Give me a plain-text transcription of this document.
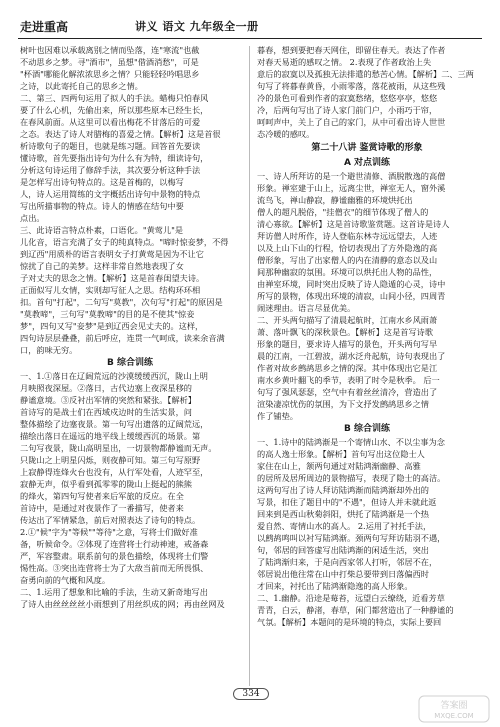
走进重高	讲义 语文 九年级全一册
树叶也因难以承载离别之情而坠落，连"寒流"也截
不动思乡之梦。寻"酒市"，虽想"借酒消愁"，可是
"杯酒"哪能化解浓浓思乡之情？只能轻轻吟唱思乡
之诗，以此寄托自己的思乡之情。
二、第三、四两句运用了拟人的手法。蜡梅只怕春风
要了什么心机，先偷出来，所以那些原本已经生长，
在春风前面。从这里可以看出梅花不甘落后的可爱
之态。表达了诗人对腊梅的喜爱之情。【解析】这是首很
析诗歌句子的题目，也就是练习题。回答首先要读
懂诗歌，首先要指出诗句为什么有为特，细读诗句，
分析这句诗运用了修辞手法，其次要分析这种手法
是怎样写出诗句特点的。这是首梅的，以梅写
人，诗人运用简练的文字概括出诗句中景物的特点
写出所描事物的特点。诗人的情感在结句中要
点出。
三、此诗语言特点朴素，口语化。"黄莺儿"是
儿化音，语言充满了女子的纯真特点。"啼时惊妾梦，不得
到辽西"用质朴的语言表明女子打黄莺是因为不让它
惊扰了自己的美梦。这样非常自然地表现了女
子对丈夫的思念之情。【解析】这是首春闺望夫诗。
正面似写儿女情，实则却写征人之思。结构环环相
扣。首句"打起"，二句写"莫教"，次句写"打起"的原因是
"莫教啼"，三句写"莫教啼"的目的是不使其"惊妾
梦"，四句又写"妾梦"是到辽西会见丈夫的。这样，
四句诗层层叠叠，前后呼应，连贯一气呵成，读来余音满
口，韵味无穷。
B 综合训练
一、1.①落日在辽阔荒远的沙漠缓缓西沉，陇山上明
月映照夜深屋。②落日，古代边塞上夜深星移的
静谧意境。③反衬出军情的突然和紧张。【解析】
首诗写的是战士们在西域戍边时的生活实景，问
整体描绘了边塞夜景。第一句写出遗落的辽阔荒远，
描绘出落日在遥远的地平线上缓缓西沉的场景。第
二句写夜景，陇山高明星出，一切景物都静谧而无声。
只陇山之上明星闪烁，则夜静可知。第三句写原野
上寂静得连烽火台也没有，从行军处看，人迹罕至，
寂静无声，似乎看到孤零零的陇山上挺起的熊熊
的烽火，第四句写使者来后军旅的反应。在全
首诗中，是通过对夜景作了一番描写，使者来
传达出了军情紧急，前后对照表达了诗句的特点。
2.①"候"字为"等候""等待"之意，写将士们做好准
备，听候命令。②体现了连营将士行动神速，戒备森
严，军容整肃。联系前句的景色描绘，体现将士们警
惕性高。③突出连营将士为了大敌当前而无所畏惧、
奋勇向前的气概和风度。
二、1.运用了想象和比喻的手法，生动又新奇地写出
了诗人由丝丝丝丝小雨想到了用丝织成的网；再由丝网及
暮春，想到要把春天网住，即留住春天。表达了作者
对春天易逝的感叹之情。 2.表现了作者政治上失
意后的寂寞以及孤独无法排遣的愁苦心情。【解析】二、三两
句写了将暮春黄昏，小雨零落，落花被雨，从这些残
冷的景色可看到作者的寂寞愁绪，悠悠亭亭，悠悠
冷，后两句写出了诗人家门前门户，小雨巧于帘，
呵呵声中，关上了自己的家门，从中可看出诗人世世
态冷暖的感叹。
第二十八讲 鉴赏诗歌的形象
A 对点训练
一、诗人所拜访的是一个避世清修、酒脱散逸的高僧
形象。禅室建于山上，远离尘世，禅室无人，窗外溪
流鸟飞，禅山静寂，静谧幽雅的环境烘托出
僧人的超凡脱俗，"挂僧衣"的细节体现了僧人的
清心寡欲。【解析】这是首诗歌鉴赏题。这首诗是诗人
拜访僧人时所作，诗人登临东林寺远远望去，人迹
以及上山下山的行程，恰切表现出了方外隐逸的高
僧形象，写出了出家僧人的内在清静的意态以及山
间那种幽寂的氛围。环境可以烘托出人物的品性，
由禅室环境，同时突出反映了诗人隐遁的心灵，诗中
所写的景物，体现出环境的清寂，山间小径，四周青
闹迷理由。语言尽显优美。
二、开头两句描写了清晨起航时，江南水乡风雨萧
萧、落叶飘飞的深秋景色。【解析】这是首写诗歌
形象的题目，要求诗人描写的景色，开头两句写早
晨的江南，一江碧波，湖水泛舟起航，诗句表现出了
作者对故乡鹧鸪思乡之情的深。其中体现出它是江
南水乡黄叶翻飞的季节，表明了时令是秋季。 后一
句写了强风瑟瑟，空气中有着丝丝清冷，营造出了
渲染凄凉忧伤的氛围，为下文抒发鹧鸪思乡之情
作了铺垫。
B 综合训练
一、1.诗中的陆鸿渐是一个寄情山水、不以尘事为念
的高人逸士形象。【解析】首句写出这位隐士人
家住在山上，颔两句通过对陆鸿渐幽静、高雅
的居所及居所周边的景物描写，表现了隐士的高洁。
这两句写出了诗人拜访陆鸿渐而陆鸿渐却外出的
写景，扣住了题目中的"不遇"，但诗人并未就此返
回来到是西山秋菊斜阳，烘托了陆鸿渐是一个热
爱自然、寄情山水的高人。 2.运用了衬托手法，
以鹧鸪鸣叫以衬写陆鸿渐。颈两句写拜访陆羽不遇，
句，邻居的回答虚写出陆鸿渐的闲适生活，突出
了陆鸿渐归来，于是向西家邻人打听，邻居不在，
邻居说出他往常在山中打柴总要带到日落偏西时
才回来，衬托出了陆鸿渐隐逸的高人形象。
二、1.幽静。沿途是莓苔，远望白云缭绕，近看芳草
青青，白云，静渚，春草，闲门都营造出了一种静谧的
气氛。【解析】本题问的是环境的特点，实际上要回
334
答案圈
MXQE.COM
